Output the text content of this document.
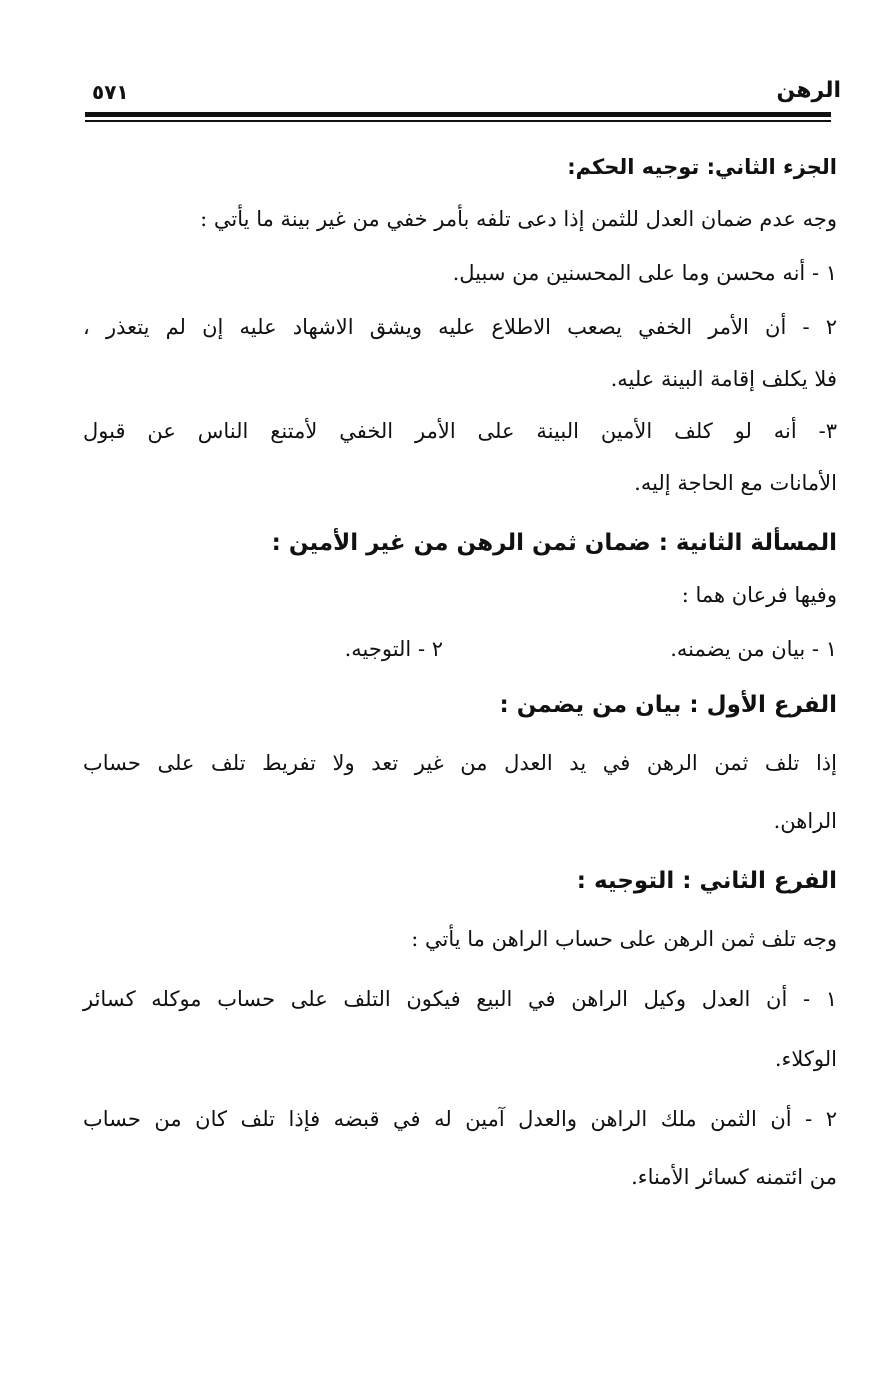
الرهن
٥٧١
الجزء الثاني: توجيه الحكم:
وجه عدم ضمان العدل للثمن إذا دعى تلفه بأمر خفي من غير بينة ما يأتي :
١ - أنه محسن وما على المحسنين من سبيل.
٢ - أن الأمر الخفي يصعب الاطلاع عليه ويشق الاشهاد عليه إن لم يتعذر ،
فلا يكلف إقامة البينة عليه.
٣- أنه لو كلف الأمين البينة على الأمر الخفي لأمتنع الناس عن قبول
الأمانات مع الحاجة إليه.
المسألة الثانية : ضمان ثمن الرهن من غير الأمين :
وفيها فرعان هما :
١ - بيان من يضمنه.
٢ - التوجيه.
الفرع الأول : بيان من يضمن :
إذا تلف ثمن الرهن في يد العدل من غير تعد ولا تفريط تلف على حساب
الراهن.
الفرع الثاني : التوجيه :
وجه تلف ثمن الرهن على حساب الراهن ما يأتي :
١ - أن العدل وكيل الراهن في البيع فيكون التلف على حساب موكله كسائر
الوكلاء.
٢ - أن الثمن ملك الراهن والعدل آمين له في قبضه فإذا تلف كان من حساب
من ائتمنه كسائر الأمناء.
